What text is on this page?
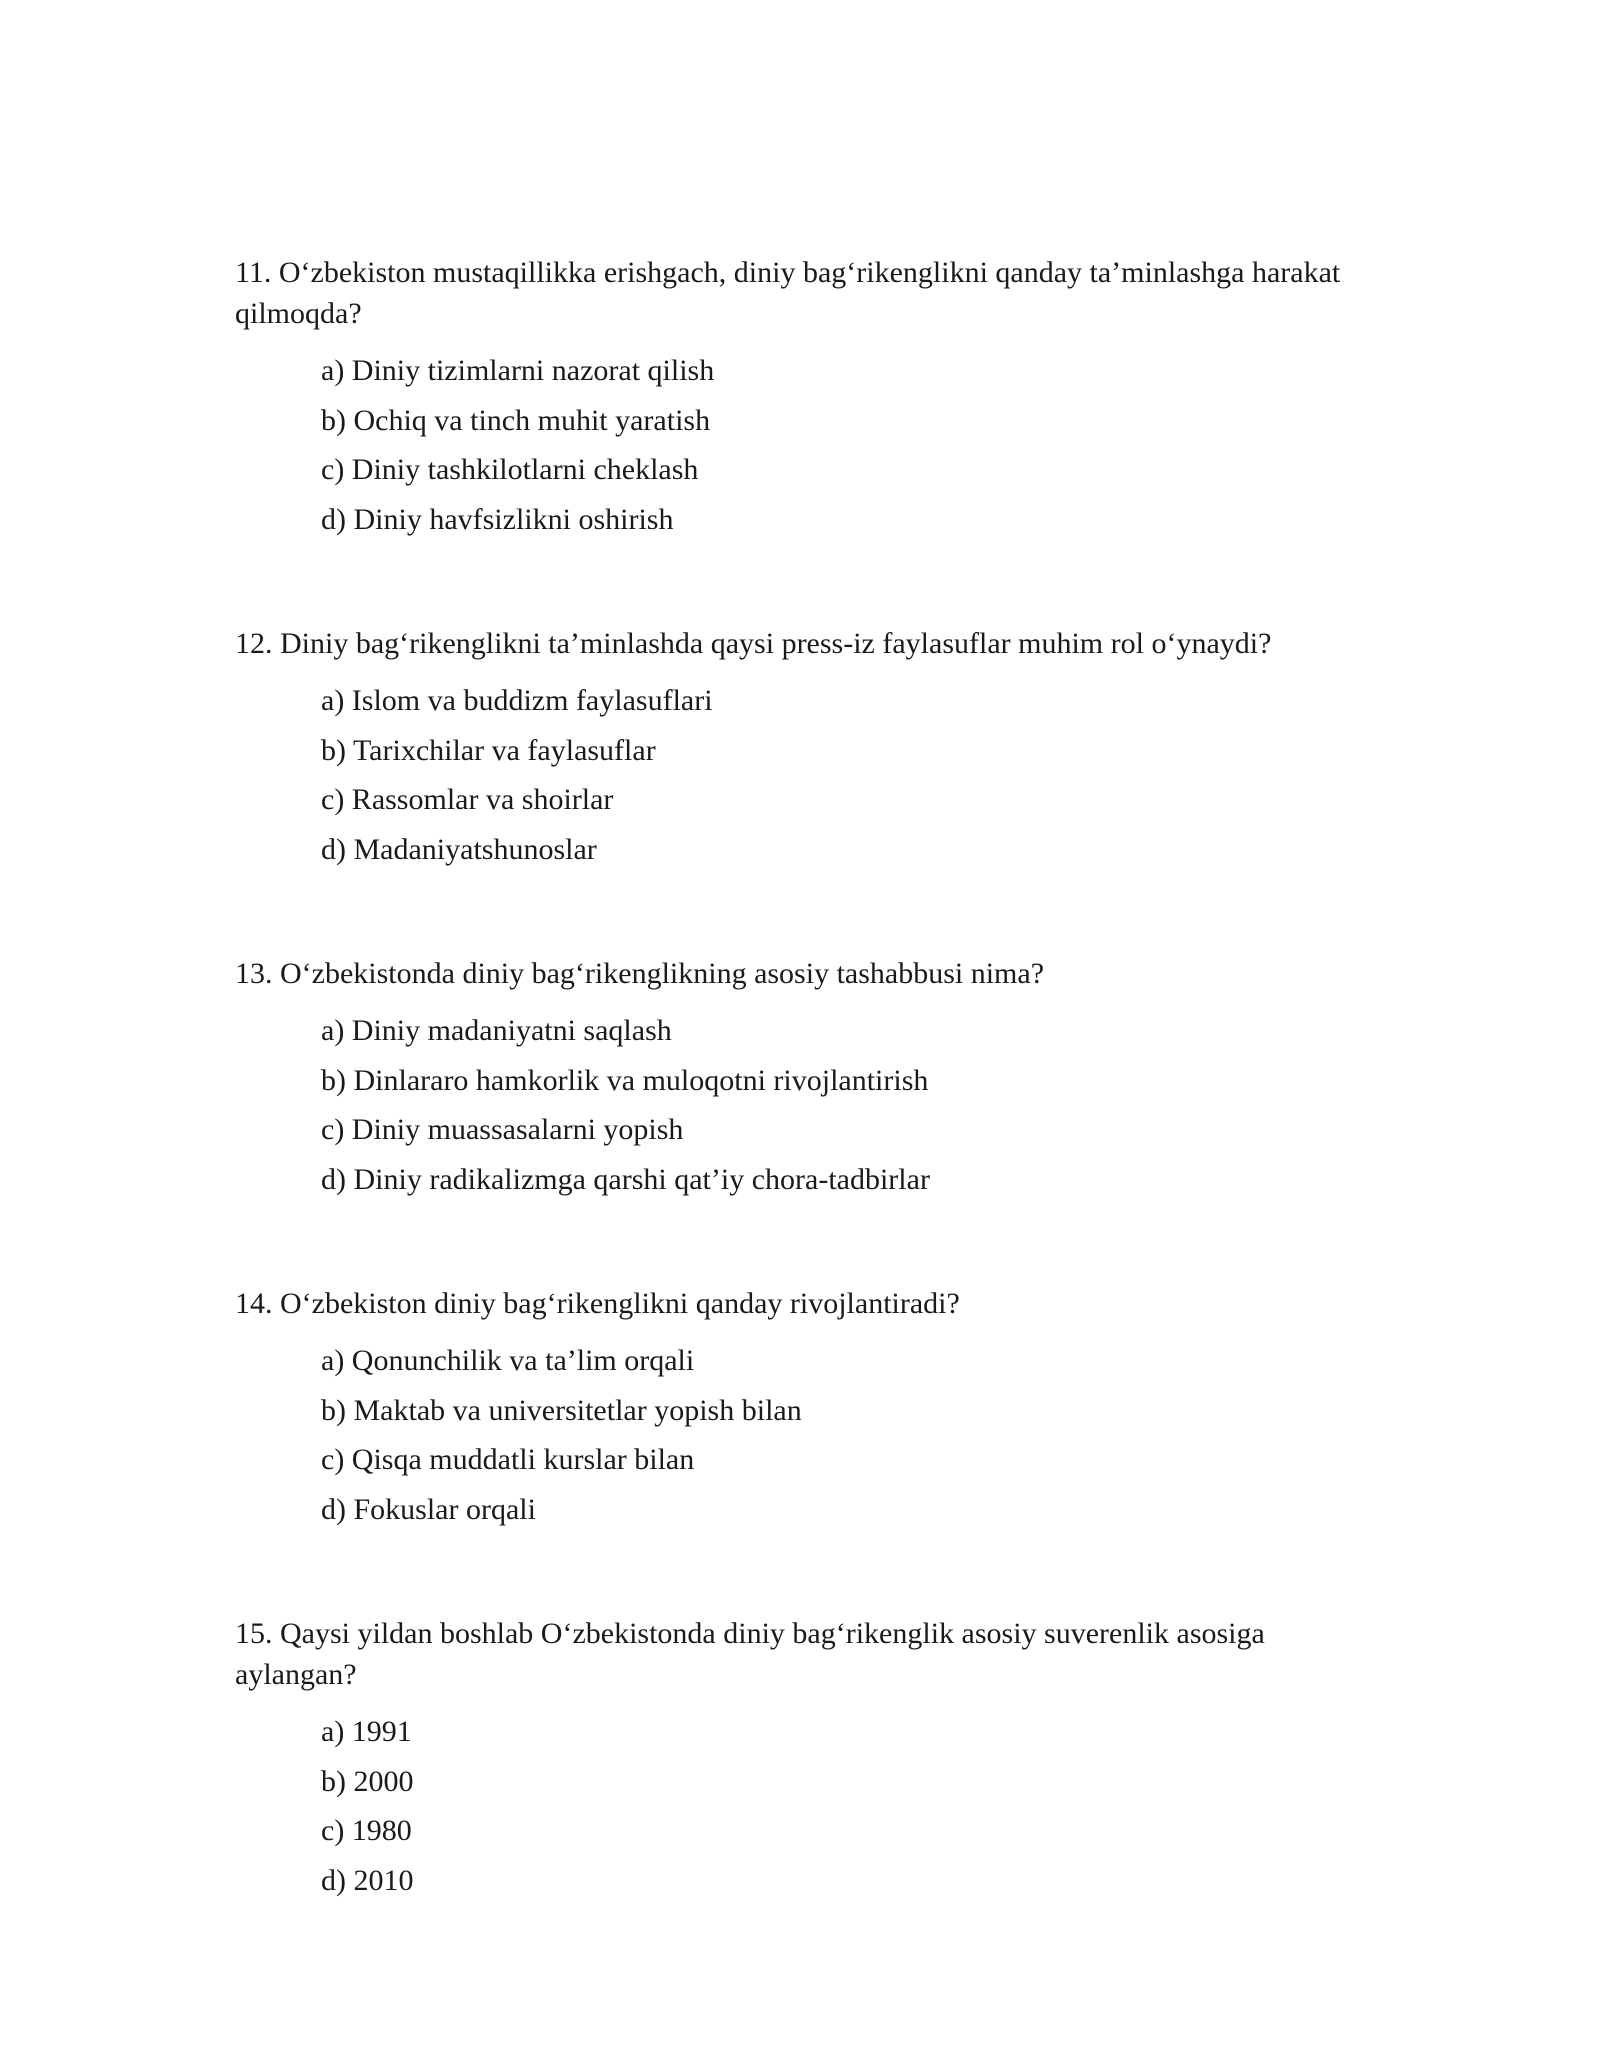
11. O‘zbekiston mustaqillikka erishgach, diniy bag‘rikenglikni qanday ta’minlashga harakat qilmoqda?

a) Diniy tizimlarni nazorat qilish
b) Ochiq va tinch muhit yaratish
c) Diniy tashkilotlarni cheklash
d) Diniy havfsizlikni oshirish

12. Diniy bag‘rikenglikni ta’minlashda qaysi press-iz faylasuflar muhim rol o‘ynaydi?

a) Islom va buddizm faylasuflari
b) Tarixchilar va faylasuflar
c) Rassomlar va shoirlar
d) Madaniyatshunoslar

13. O‘zbekistonda diniy bag‘rikenglikning asosiy tashabbusi nima?

a) Diniy madaniyatni saqlash
b) Dinlararo hamkorlik va muloqotni rivojlantirish
c) Diniy muassasalarni yopish
d) Diniy radikalizmga qarshi qat’iy chora-tadbirlar

14. O‘zbekiston diniy bag‘rikenglikni qanday rivojlantiradi?

a) Qonunchilik va ta’lim orqali
b) Maktab va universitetlar yopish bilan
c) Qisqa muddatli kurslar bilan
d) Fokuslar orqali

15. Qaysi yildan boshlab O‘zbekistonda diniy bag‘rikenglik asosiy suverenlik asosiga aylangan?

a) 1991
b) 2000
c) 1980
d) 2010
